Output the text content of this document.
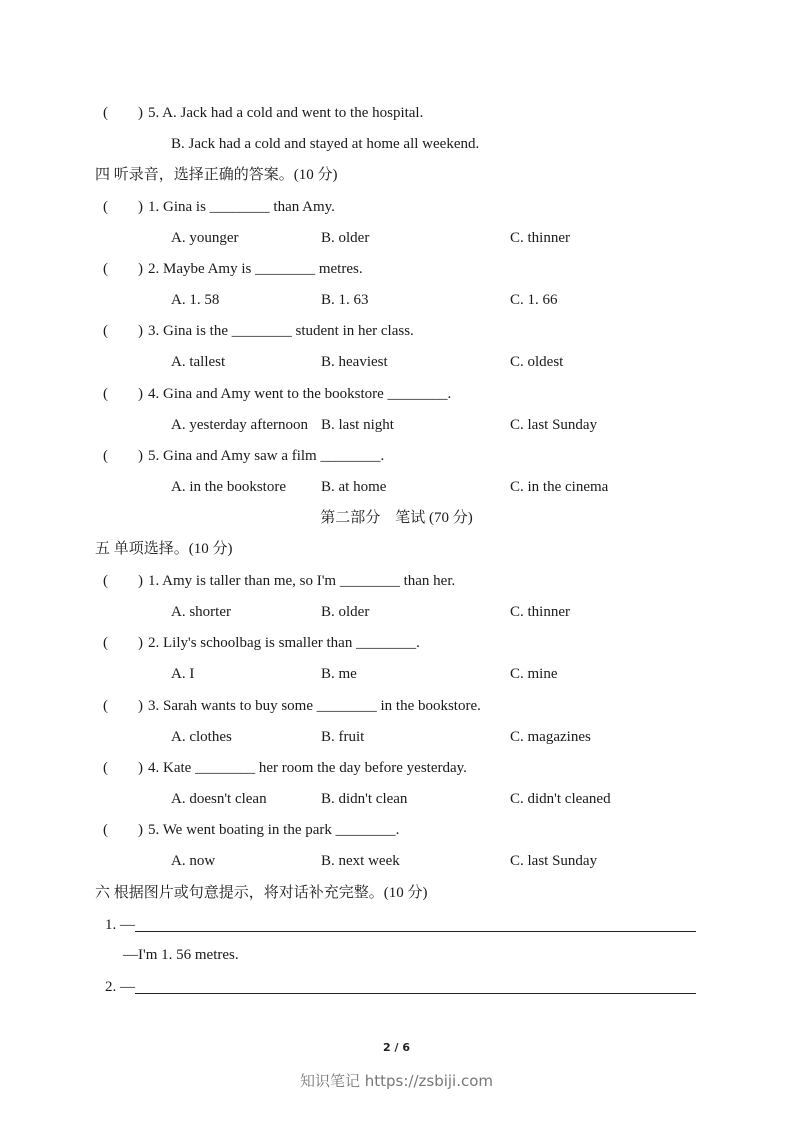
(　　) 5. A. Jack had a cold and went to the hospital.
B. Jack had a cold and stayed at home all weekend.
四 听录音，选择正确的答案。(10 分)
(　　) 1. Gina is ________ than Amy.
A. younger	B. older	C. thinner
(　　) 2. Maybe Amy is ________ metres.
A. 1. 58	B. 1. 63	C. 1. 66
(　　) 3. Gina is the ________ student in her class.
A. tallest	B. heaviest	C. oldest
(　　) 4. Gina and Amy went to the bookstore ________.
A. yesterday afternoon B. last night	C. last Sunday
(　　) 5. Gina and Amy saw a film ________.
A. in the bookstore B. at home	C. in the cinema
第二部分　笔试 (70 分)
五 单项选择。(10 分)
(　　) 1. Amy is taller than me, so I'm ________ than her.
A. shorter	B. older	C. thinner
(　　) 2. Lily's schoolbag is smaller than ________.
A. I	B. me	C. mine
(　　) 3. Sarah wants to buy some ________ in the bookstore.
A. clothes	B. fruit	C. magazines
(　　) 4. Kate ________ her room the day before yesterday.
A. doesn't clean	B. didn't clean	C. didn't cleaned
(　　) 5. We went boating in the park ________.
A. now	B. next week	C. last Sunday
六 根据图片或句意提示，将对话补充完整。(10 分)
1. —
—I'm 1. 56 metres.
2. —
2 / 6
知识笔记 https://zsbiji.com
